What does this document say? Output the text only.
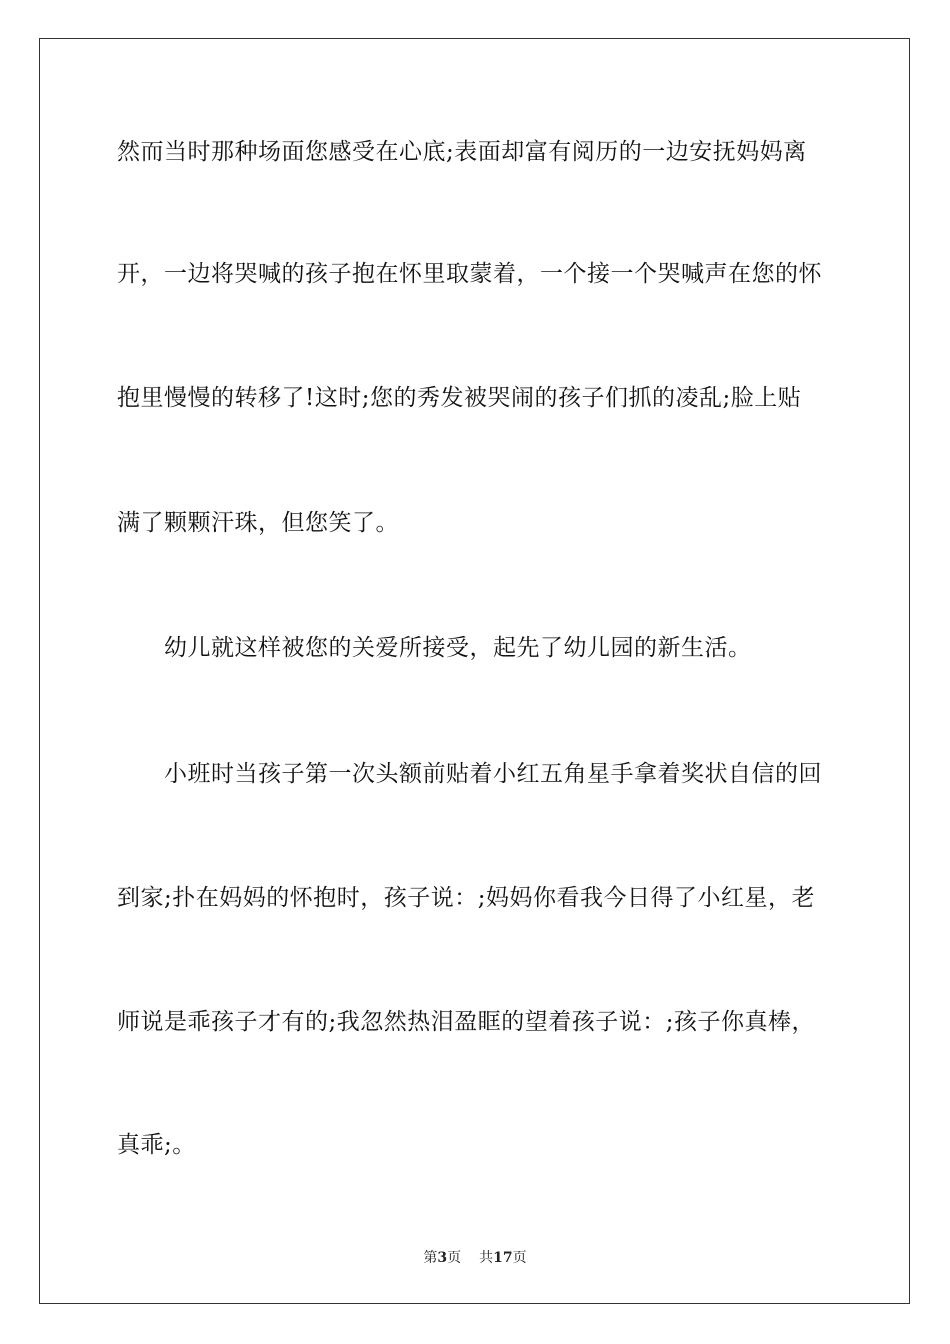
然而当时那种场面您感受在心底;表面却富有阅历的一边安抚妈妈离
开，一边将哭喊的孩子抱在怀里取蒙着，一个接一个哭喊声在您的怀
抱里慢慢的转移了!这时;您的秀发被哭闹的孩子们抓的凌乱;脸上贴
满了颗颗汗珠，但您笑了。
幼儿就这样被您的关爱所接受，起先了幼儿园的新生活。
小班时当孩子第一次头额前贴着小红五角星手拿着奖状自信的回
到家;扑在妈妈的怀抱时，孩子说：;妈妈你看我今日得了小红星，老
师说是乖孩子才有的;我忽然热泪盈眶的望着孩子说：;孩子你真棒，
真乖;。
第3页 共17页
